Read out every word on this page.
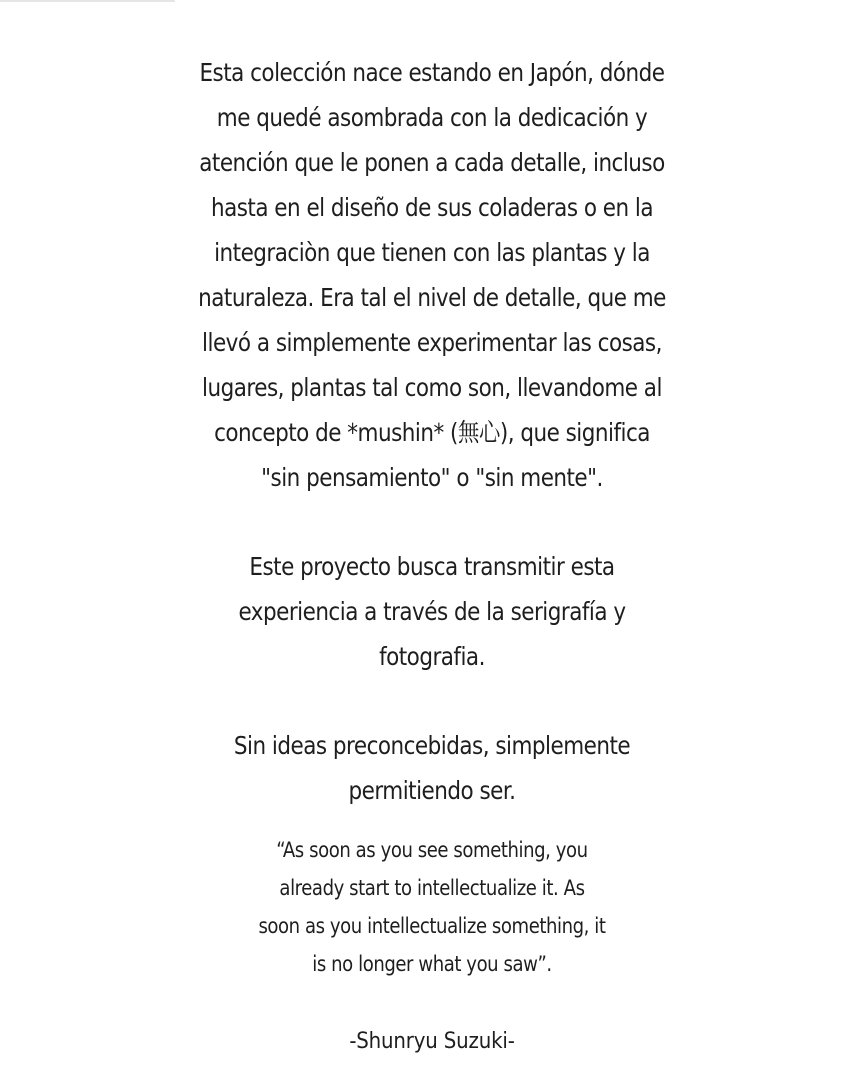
Esta colección nace estando en Japón, dónde
me quedé asombrada con la dedicación y
atención que le ponen a cada detalle, incluso
hasta en el diseño de sus coladeras o en la
integraciòn que tienen con las plantas y la
naturaleza. Era tal el nivel de detalle, que me
llevó a simplemente experimentar las cosas,
lugares, plantas tal como son, llevandome al
concepto de *mushin* (無心), que significa
"sin pensamiento" o "sin mente".
Este proyecto busca transmitir esta
experiencia a través de la serigrafía y
fotografia.
Sin ideas preconcebidas, simplemente
permitiendo ser.
“As soon as you see something, you
already start to intellectualize it. As
soon as you intellectualize something, it
is no longer what you saw”.
-Shunryu Suzuki-
